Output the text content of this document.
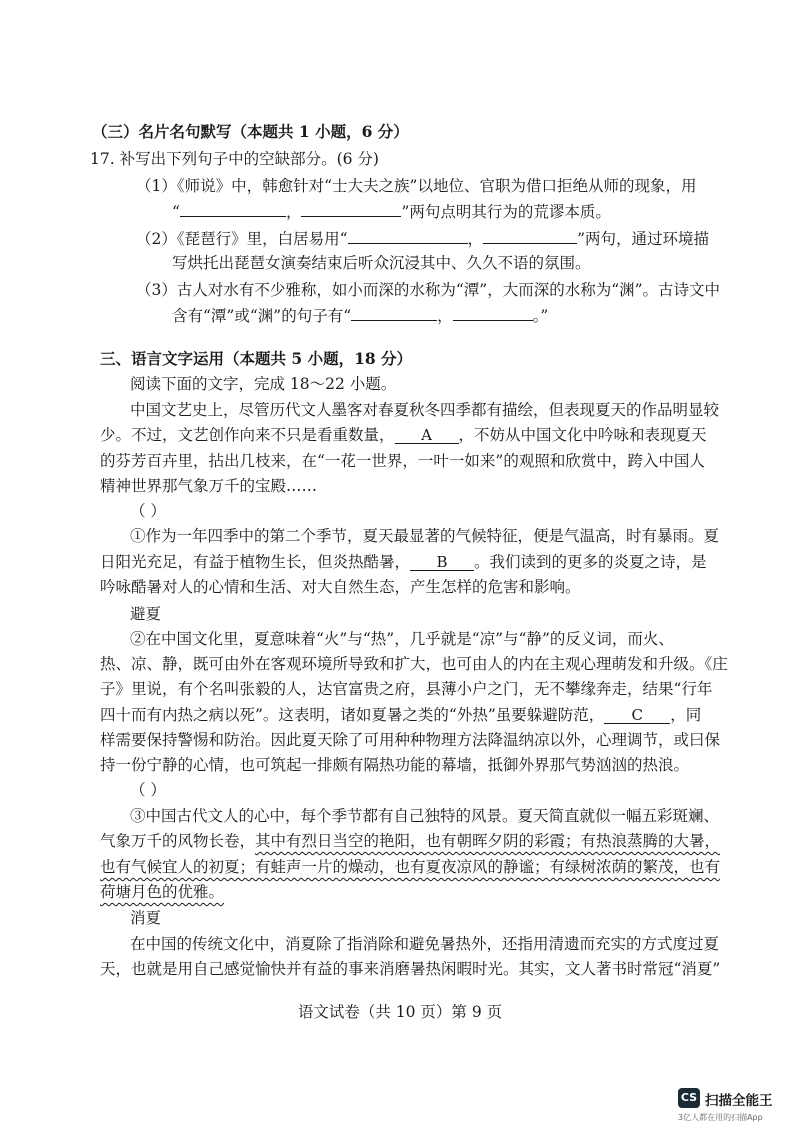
（三）名片名句默写（本题共 1 小题，6 分）
17. 补写出下列句子中的空缺部分。(6 分)
（1）《师说》中，韩愈针对“士大夫之族”以地位、官职为借口拒绝从师的现象，用
“	，	”两句点明其行为的荒谬本质。
（2）《琵琶行》里，白居易用“	，	”两句，通过环境描
写烘托出琵琶女演奏结束后听众沉浸其中、久久不语的氛围。
（3）古人对水有不少雅称，如小而深的水称为“潭”，大而深的水称为“渊”。古诗文中
含有“潭”或“渊”的句子有“	，	。”
三、语言文字运用（本题共 5 小题，18 分）
阅读下面的文字，完成 18～22 小题。
中国文艺史上，尽管历代文人墨客对春夏秋冬四季都有描绘，但表现夏天的作品明显较
少。不过，文艺创作向来不只是看重数量， A ，不妨从中国文化中吟咏和表现夏天
的芬芳百卉里，拈出几枝来，在“一花一世界，一叶一如来”的观照和欣赏中，跨入中国人
精神世界那气象万千的宝殿……
（ ）
①作为一年四季中的第二个季节，夏天最显著的气候特征，便是气温高，时有暴雨。夏
日阳光充足，有益于植物生长，但炎热酷暑， B 。我们读到的更多的炎夏之诗，是
吟咏酷暑对人的心情和生活、对大自然生态，产生怎样的危害和影响。
避夏
②在中国文化里，夏意味着“火”与“热”，几乎就是“凉”与“静”的反义词，而火、
热、凉、静，既可由外在客观环境所导致和扩大，也可由人的内在主观心理萌发和升级。《庄
子》里说，有个名叫张毅的人，达官富贵之府，县薄小户之门，无不攀缘奔走，结果“行年
四十而有内热之病以死”。这表明，诸如夏暑之类的“外热”虽要躲避防范， C ，同
样需要保持警惕和防治。因此夏天除了可用种种物理方法降温纳凉以外，心理调节，或曰保
持一份宁静的心情，也可筑起一排颇有隔热功能的幕墙，抵御外界那气势汹汹的热浪。
（ ）
③中国古代文人的心中，每个季节都有自己独特的风景。夏天简直就似一幅五彩斑斓、
气象万千的风物长卷，其中有烈日当空的艳阳，也有朝晖夕阴的彩霞；有热浪蒸腾的大暑，
也有气候宜人的初夏；有蛙声一片的燥动，也有夏夜凉风的静谧；有绿树浓荫的繁茂，也有
荷塘月色的优雅。
消夏
在中国的传统文化中，消夏除了指消除和避免暑热外，还指用清遗而充实的方式度过夏
天，也就是用自己感觉愉快并有益的事来消磨暑热闲暇时光。其实，文人著书时常冠“消夏”
语文试卷（共 10 页）第 9 页
CS 扫描全能王
3亿人都在用的扫描App
